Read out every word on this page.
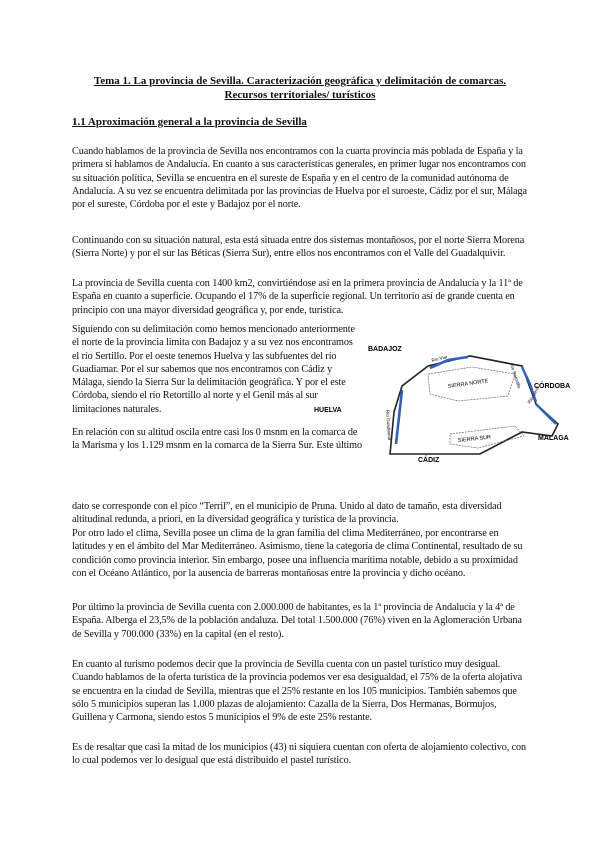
Tema 1. La provincia de Sevilla. Caracterización geográfica y delimitación de comarcas.
Recursos territoriales/ turísticos
1.1 Aproximación general a la provincia de Sevilla

Cuando hablamos de la provincia de Sevilla nos encontramos con la cuarta provincia más poblada de España y la primera si hablamos de Andalucía. En cuanto a sus características generales, en primer lugar nos encontramos con su situación política, Sevilla se encuentra en el sureste de España y en el centro de la comunidad autónoma de Andalucía. A su vez se encuentra delimitada por las provincias de Huelva por el suroeste, Cádiz por el sur, Málaga por el sureste, Córdoba por el este y Badajoz por el norte.

Continuando con su situación natural, esta está situada entre dos sistemas montañosos, por el norte Sierra Morena (Sierra Norte) y por el sur las Béticas (Sierra Sur), entre ellos nos encontramos con el Valle del Guadalquivir.

La provincia de Sevilla cuenta con 1400 km2, convirtiéndose así en la primera provincia de Andalucía y la 11ª de España en cuanto a superficie. Ocupando el 17% de la superficie regional. Un territorio así de grande cuenta en principio con una mayor diversidad geográfica y, por ende, turística.

Siguiendo con su delimitación como hemos mencionado anteriormente el norte de la provincia limita con Badajoz y a su vez nos encontramos el río Sertillo. Por el oeste tenemos Huelva y las subfuentes del río Guadiamar. Por el sur sabemos que nos encontramos con Cádiz y Málaga, siendo la Sierra Sur la delimitación geográfica. Y por el este Córdoba, siendo el río Retortillo al norte y el Genil más al sur limitaciones naturales.

En relación con su altitud oscila entre casi los 0 msnm en la comarca de la Marisma y los 1.129 msnm en la comarca de la Sierra Sur. Este último

dato se corresponde con el pico “Terril”, en el municipio de Pruna. Unido al dato de tamaño, esta diversidad altitudinal redunda, a priori, en la diversidad geográfica y turística de la provincia.

Por otro lado el clima, Sevilla posee un clima de la gran familia del clima Mediterráneo, por encontrarse en latitudes y en el ámbito del Mar Mediterráneo. Asimismo, tiene la categoría de clima Continental, resultado de su condición como provincia interior. Sin embargo, posee una influencia marítima notable, debido a su proximidad con el Océano Atlántico, por la ausencia de barreras montañosas entre la provincia y dicho océano.

Por último la provincia de Sevilla cuenta con 2.000.000 de habitantes, es la 1ª provincia de Andalucía y la 4ª de España. Alberga el 23,5% de la población andaluza. Del total 1.500.000 (76%) viven en la Aglomeración Urbana de Sevilla y 700.000 (33%) en la capital (en el resto).

En cuanto al turismo podemos decir que la provincia de Sevilla cuenta con un pastel turístico muy desigual. Cuando hablamos de la oferta turística de la provincia podemos ver esa desigualdad, el 75% de la oferta alojativa se encuentra en la ciudad de Sevilla, mientras que el 25% restante en los 105 municipios. También sabemos que sólo 5 municipios superan las 1.000 plazas de alojamiento: Cazalla de la Sierra, Dos Hermanas, Bormujos, Guillena y Carmona, siendo estos 5 municipios el 9% de este 25% restante.

Es de resaltar que casi la mitad de los municipios (43) ni siquiera cuentan con oferta de alojamiento colectivo, con lo cual podemos ver lo desigual que está distribuido el pastel turístico.

BADAJOZ
CÓRDOBA
HUELVA
MALAGA
CÁDIZ
SIERRA NORTE
SIERRA SUR
Río Viar
Río Retortillo
Río Genil
Río Guadiamar
